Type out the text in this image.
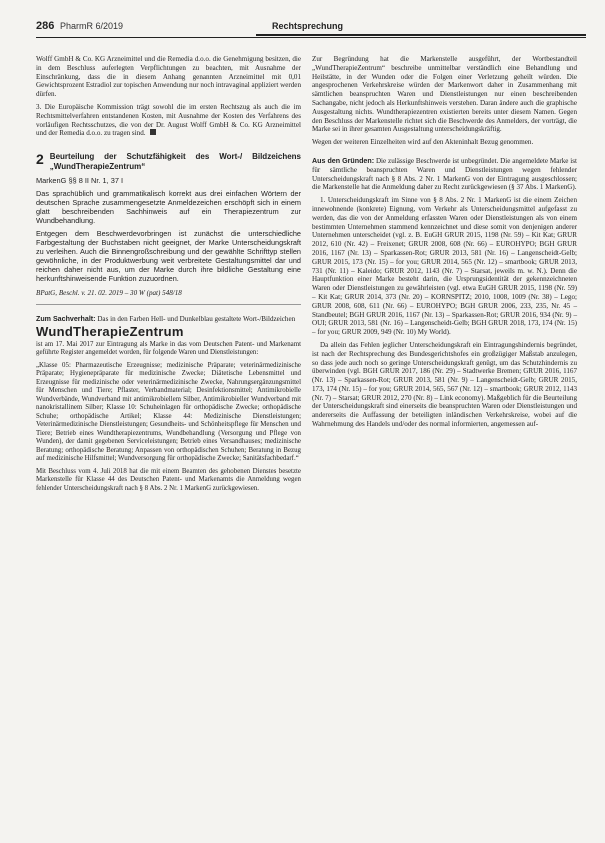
286 PharmR 6/2019	Rechtsprechung

Wolff GmbH & Co. KG Arzneimittel und die Remedia d.o.o. die Genehmigung besitzen, die in dem Beschluss auferlegten Verpflichtungen zu beachten, mit Ausnahme der Einschränkung, dass die in diesem Anhang genannten Arzneimittel mit 0,01 Gewichtsprozent Estradiol zur topischen Anwendung nur noch intravaginal appliziert werden dürfen.

3. Die Europäische Kommission trägt sowohl die im ersten Rechtszug als auch die im Rechtsmittelverfahren entstandenen Kosten, mit Ausnahme der Kosten des Verfahrens des vorläufigen Rechtsschutzes, die von der Dr. August Wolff GmbH & Co. KG Arzneimittel und der Remedia d.o.o. zu tragen sind.

2 Beurteilung der Schutzfähigkeit des Wort-/ Bildzeichens „WundTherapieZentrum“
MarkenG §§ 8 II Nr. 1, 37 I

Das sprachüblich und grammatikalisch korrekt aus drei einfachen Wörtern der deutschen Sprache zusammengesetzte Anmeldezeichen erschöpft sich in einem glatt beschreibenden Sachhinweis auf ein Therapiezentrum zur Wundbehandlung.

Entgegen dem Beschwerdevorbringen ist zunächst die unterschiedliche Farbgestaltung der Buchstaben nicht geeignet, der Marke Unterscheidungskraft zu verleihen. Auch die Binnengroßschreibung und der gewählte Schrifttyp stellen gewöhnliche, in der Produktwerbung weit verbreitete Gestaltungsmittel dar und reichen daher nicht aus, um der Marke durch ihre bildliche Gestaltung eine herkunftshinweisende Funktion zuzuordnen.

BPatG, Beschl. v. 21. 02. 2019 – 30 W (pat) 548/18

Zum Sachverhalt: Das in den Farben Hell- und Dunkelblau gestaltete Wort-/Bildzeichen

WundTherapieZentrum

ist am 17. Mai 2017 zur Eintragung als Marke in das vom Deutschen Patent- und Markenamt geführte Register angemeldet worden, für folgende Waren und Dienstleistungen:

„Klasse 05: Pharmazeutische Erzeugnisse; medizinische Präparate; veterinärmedizinische Präparate; Hygienepräparate für medizinische Zwecke; Diätetische Lebensmittel und Erzeugnisse für medizinische oder veterinärmedizinische Zwecke, Nahrungsergänzungsmittel für Menschen und Tiere; Pflaster, Verbandmaterial; Desinfektionsmittel; Antimikrobielle Wundverbände, Wundverband mit antimikrobiellem Silber, Antimikrobieller Wundverband mit nanokristallinem Silber; Klasse 10: Schuheinlagen für orthopädische Zwecke; orthopädische Schuhe; orthopädische Artikel; Klasse 44: Medizinische Dienstleistungen; Veterinärmedizinische Dienstleistungen; Gesundheits- und Schönheitspflege für Menschen und Tiere; Betrieb eines Wundtherapiezentrums, Wundbehandlung (Versorgung und Pflege von Wunden), der damit gegebenen Serviceleistungen; Betrieb eines Versandhauses; medizinische Beratung; orthopädische Beratung; Anpassen von orthopädischen Schuhen; Beratung in Bezug auf medizinische Hilfsmittel; Wundversorgung für orthopädische Zwecke; Sanitätsfachbedarf.“

Mit Beschluss vom 4. Juli 2018 hat die mit einem Beamten des gehobenen Dienstes besetzte Markenstelle für Klasse 44 des Deutschen Patent- und Markenamts die Anmeldung wegen fehlender Unterscheidungskraft nach § 8 Abs. 2 Nr. 1 MarkenG zurückgewiesen.

Zur Begründung hat die Markenstelle ausgeführt, der Wortbestandteil „WundTherapieZentrum“ beschreibe unmittelbar verständlich eine Behandlung und Heilstätte, in der Wunden oder die Folgen einer Verletzung geheilt würden. Die angesprochenen Verkehrskreise würden der Markenwort daher in Zusammenhang mit sämtlichen beanspruchten Waren und Dienstleistungen nur einen beschreibenden Sachangabe, nicht jedoch als Herkunftshinweis verstehen. Daran ändere auch die graphische Ausgestaltung nichts. Wundtherapiezentren existierten bereits unter diesem Namen. Gegen den Beschluss der Markenstelle richtet sich die Beschwerde des Anmelders, der vorträgt, die Marke sei in ihrer gesamten Ausgestaltung unterscheidungskräftig.

Wegen der weiteren Einzelheiten wird auf den Akteninhalt Bezug genommen.

Aus den Gründen: Die zulässige Beschwerde ist unbegründet. Die angemeldete Marke ist für sämtliche beanspruchten Waren und Dienstleistungen wegen fehlender Unterscheidungskraft nach § 8 Abs. 2 Nr. 1 MarkenG von der Eintragung ausgeschlossen; die Markenstelle hat die Anmeldung daher zu Recht zurückgewiesen (§ 37 Abs. 1 MarkenG).

1. Unterscheidungskraft im Sinne von § 8 Abs. 2 Nr. 1 MarkenG ist die einem Zeichen innewohnende (konkrete) Eignung, vom Verkehr als Unterscheidungsmittel aufgefasst zu werden, das die von der Anmeldung erfassten Waren oder Dienstleistungen als von einem bestimmten Unternehmen stammend kennzeichnet und diese somit von denjenigen anderer Unternehmen unterscheidet (vgl. z. B. EuGH GRUR 2015, 1198 (Nr. 59) – Kit Kat; GRUR 2012, 610 (Nr. 42) – Freixenet; GRUR 2008, 608 (Nr. 66) – EUROHYPO; BGH GRUR 2016, 1167 (Nr. 13) – Sparkassen-Rot; GRUR 2013, 581 (Nr. 16) – Langenscheidt-Gelb; GRUR 2015, 173 (Nr. 15) – for you; GRUR 2014, 565 (Nr. 12) – smartbook; GRUR 2013, 731 (Nr. 11) – Kaleido; GRUR 2012, 1143 (Nr. 7) – Starsat, jeweils m. w. N.). Denn die Hauptfunktion einer Marke besteht darin, die Ursprungsidentität der gekennzeichneten Waren oder Dienstleistungen zu gewährleisten (vgl. etwa EuGH GRUR 2015, 1198 (Nr. 59) – Kit Kat; GRUR 2014, 373 (Nr. 20) – KORNSPITZ; 2010, 1008, 1009 (Nr. 38) – Lego; GRUR 2008, 608, 611 (Nr. 66) – EUROHYPO; BGH GRUR 2006, 233, 235, Nr. 45 – Standbeutel; BGH GRUR 2016, 1167 (Nr. 13) – Sparkassen-Rot; GRUR 2016, 934 (Nr. 9) – OUI; GRUR 2013, 581 (Nr. 16) – Langenscheidt-Gelb; BGH GRUR 2018, 173, 174 (Nr. 15) – for you; GRUR 2009, 949 (Nr. 10) My World).

Da allein das Fehlen jeglicher Unterscheidungskraft ein Eintragungshindernis begründet, ist nach der Rechtsprechung des Bundesgerichtshofes ein großzügiger Maßstab anzulegen, so dass jede auch noch so geringe Unterscheidungskraft genügt, um das Schutzhindernis zu überwinden (vgl. BGH GRUR 2017, 186 (Nr. 29) – Stadtwerke Bremen; GRUR 2016, 1167 (Nr. 13) – Sparkassen-Rot; GRUR 2013, 581 (Nr. 9) – Langenscheidt-Gelb; GRUR 2015, 173, 174 (Nr. 15) – for you; GRUR 2014, 565, 567 (Nr. 12) – smartbook; GRUR 2012, 1143 (Nr. 7) – Starsat; GRUR 2012, 270 (Nr. 8) – Link economy). Maßgeblich für die Beurteilung der Unterscheidungskraft sind einerseits die beanspruchten Waren oder Dienstleistungen und andererseits die Auffassung der beteiligten inländischen Verkehrskreise, wobei auf die Wahrnehmung des Handels und/oder des normal informierten, angemessen auf-
